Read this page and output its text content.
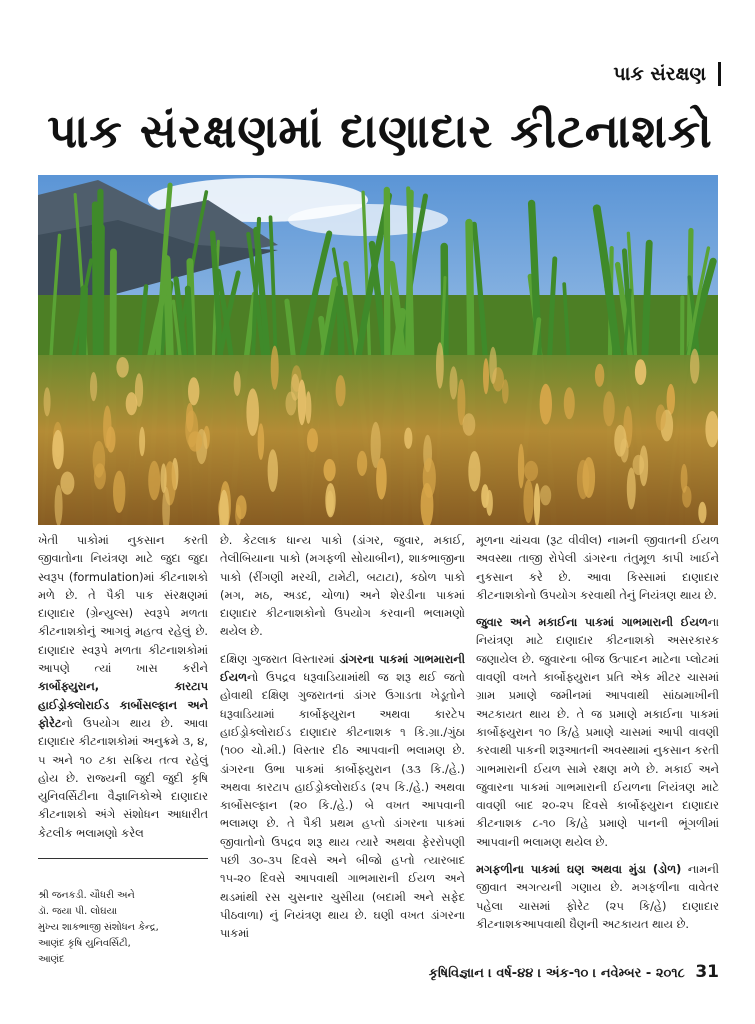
પાક સંરક્ષણ
પાક સંરક્ષણમાં દાણાદાર કીટનાશકો

ખેતી પાકોમાં નુકસાન કરતી જીવાતોના નિયંત્રણ માટે જુદા જુદા સ્વરૂપ (formulation)માં કીટનાશકો મળે છે. તે પૈકી પાક સંરક્ષણમાં દાણાદાર (ગ્રેન્યુલ્સ) સ્વરૂપે મળતા કીટનાશકોનું આગવું મહત્વ રહેલું છે. દાણાદાર સ્વરૂપે મળતા કીટનાશકોમાં આપણે ત્યાં ખાસ કરીને કાર્બોફ્યુરાન, કારટાપ હાઈડ્રોક્લોરાઈડ કાર્બોસલ્ફાન અને ફોરેટનો ઉપયોગ થાય છે. આવા દાણાદાર કીટનાશકોમાં અનુક્રમે ૩, ૪, ૫ અને ૧૦ ટકા સક્રિય તત્વ રહેલું હોય છે. રાજ્યની જુદી જુદી કૃષિ યુનિવર્સિટીના વૈજ્ઞાનિકોએ દાણાદાર કીટનાશકો અંગે સંશોધન આધારીત કેટલીક ભલામણો કરેલ

શ્રી જનકડી. ચૌધરી અને
ડૉ. જયા પી. લોઘયા
મુખ્ય શાકભાજી સંશોધન કેન્દ્ર,
આણંદ કૃષિ યુનિવર્સિટી,
આણંદ

છે. કેટલાક ધાન્ય પાકો (ડાંગર, જુવાર, મકાઈ, તેલીબિયાના પાકો (મગફળી સોયાબીન), શાકભાજીના પાકો (રીંગણી મરચી, ટામેટી, બટાટા), કઠોળ પાકો (મગ, મઠ, અડદ, ચોળા) અને શેરડીના પાકમાં દાણાદાર કીટનાશકોનો ઉપયોગ કરવાની ભલામણો થયેલ છે.

દક્ષિણ ગુજરાત વિસ્તારમાં ડાંગરના પાકમાં ગાભમારાની ઈયળનો ઉપદ્રવ ધરૂવાડિયામાંથી જ શરૂ થઈ જતો હોવાથી દક્ષિણ ગુજરાતનાં ડાંગર ઉગાડતા ખેડૂતોને ધરૂવાડિયામાં કાર્બોફ્યુરાન અથવા કારટેપ હાઈડ્રોક્લોરાઈડ દાણાદાર કીટનાશક ૧ કિ.ગ્રા./ગુંઠા (૧૦૦ ચો.મી.) વિસ્તાર દીઠ આપવાની ભલામણ છે. ડાંગરના ઉભા પાકમાં કાર્બોફ્યુરાન (૩૩ કિ./હે.) અથવા કારટાપ હાઈડ્રોક્લોરાઈડ (૨૫ કિ./હે.) અથવા કાર્બોસલ્ફાન (૨૦ કિ./હે.) બે વખત આપવાની ભલામણ છે. તે પૈકી પ્રથમ હપ્તો ડાંગરના પાકમાં જીવાતોનો ઉપદ્રવ શરૂ થાય ત્યારે અથવા ફેરરોપણી પછી ૩૦-૩૫ દિવસે અને બીજો હપ્તો ત્યારબાદ ૧૫-૨૦ દિવસે આપવાથી ગાભમારાની ઈયળ અને થડમાંથી રસ ચુસનાર ચુસીયા (બદામી અને સફેદ પીઠવાળા) નું નિયંત્રણ થાય છે. ઘણી વખત ડાંગરના પાકમાં

મૂળના ચાંચવા (રૂટ વીવીલ) નામની જીવાતની ઈયળ અવસ્થા તાજી રોપેલી ડાંગરના તંતુમૂળ કાપી ખાઈને નુકસાન કરે છે. આવા કિસ્સામાં દાણાદાર કીટનાશકોનો ઉપયોગ કરવાથી તેનું નિયંત્રણ થાય છે.

જુવાર અને મકાઈના પાકમાં ગાભમારાની ઈયળના નિયંત્રણ માટે દાણાદાર કીટનાશકો અસરકારક જણાયેલ છે. જુવારના બીજ ઉત્પાદન માટેના પ્લોટમાં વાવણી વખતે કાર્બોફ્યુરાન પ્રતિ એક મીટર ચાસમાં ગ્રામ પ્રમાણે જમીનમાં આપવાથી સાંઠામાખીની અટકાયત થાય છે. તે જ પ્રમાણે મકાઈના પાકમાં કાર્બોફ્યુરાન ૧૦ કિ/હે પ્રમાણે ચાસમાં આપી વાવણી કરવાથી પાકની શરૂઆતની અવસ્થામાં નુકસાન કરતી ગાભમારાની ઈયળ સામે રક્ષણ મળે છે. મકાઈ અને જુવારના પાકમાં ગાભમારાની ઈયળના નિયંત્રણ માટે વાવણી બાદ ૨૦-૨૫ દિવસે કાર્બોફ્યુરાન દાણાદાર કીટનાશક ૮-૧૦ કિ/હે પ્રમાણે પાનની ભૂંગળીમાં આપવાની ભલામણ થયેલ છે.

મગફળીના પાકમાં ઘણ અથવા મુંડા (ડોળ) નામની જીવાત અગત્યની ગણાય છે. મગફળીના વાવેતર પહેલા ચાસમાં ફોરેટ (૨૫ કિ/હે) દાણાદાર કીટનાશકઆપવાથી ઘૈણની અટકાયત થાય છે.

કૃષિવિજ્ઞાન । વર્ષ-૪૪ । અંક-૧૦ । નવેમ્બર - ૨૦૧૮ 31
